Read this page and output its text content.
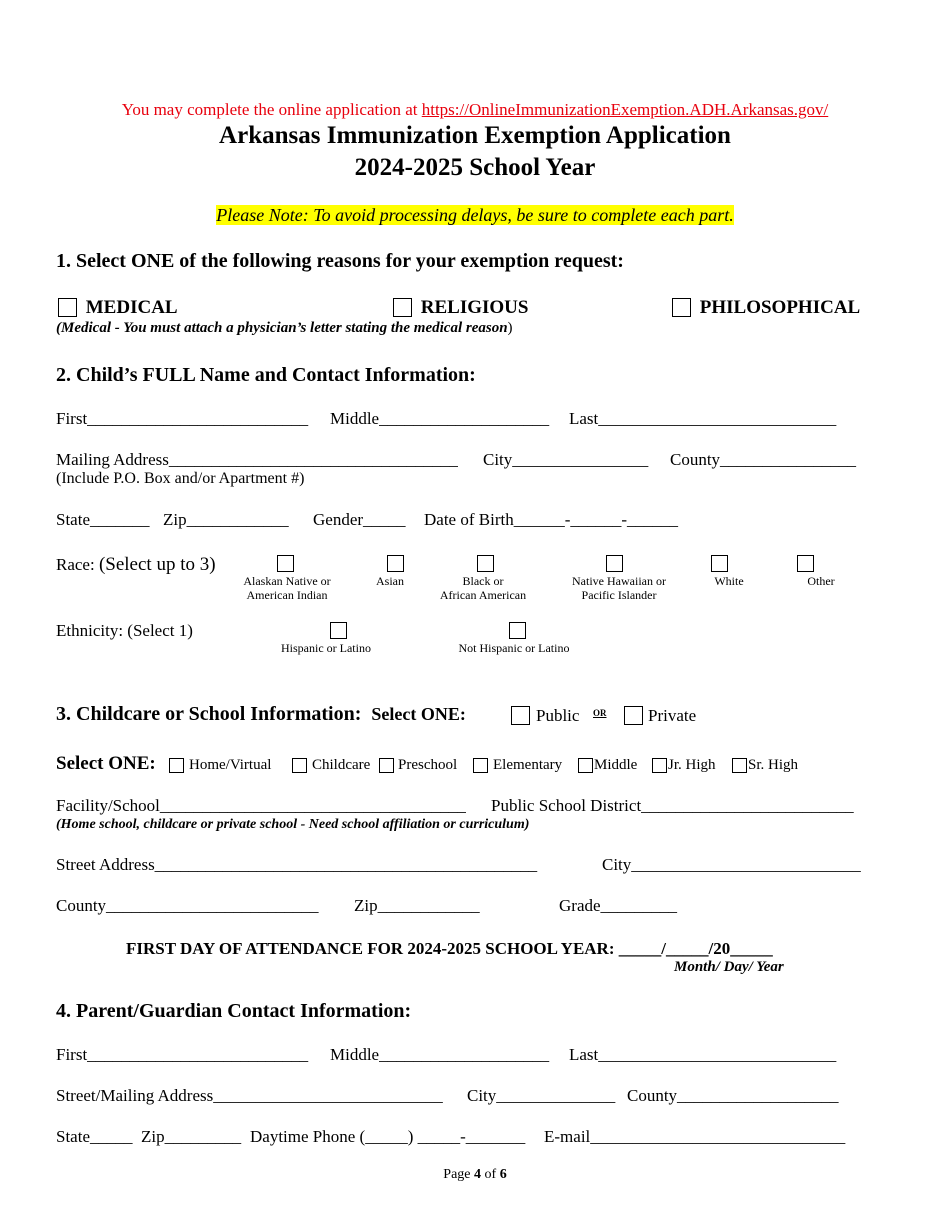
You may complete the online application at https://OnlineImmunizationExemption.ADH.Arkansas.gov/
Arkansas Immunization Exemption Application
2024-2025 School Year
Please Note: To avoid processing delays, be sure to complete each part.
1. Select ONE of the following reasons for your exemption request:
MEDICAL	RELIGIOUS	PHILOSOPHICAL
(Medical - You must attach a physician’s letter stating the medical reason)
2. Child’s FULL Name and Contact Information:
First__________________________ Middle____________________ Last____________________________
Mailing Address__________________________________ City________________ County________________
(Include P.O. Box and/or Apartment #)
State_______ Zip____________ Gender_____ Date of Birth______-______-______
Race: (Select up to 3)
Alaskan Native or
American Indian
Asian	Black or
African American
Native Hawaiian or
Pacific Islander
White	Other
Ethnicity: (Select 1)
Hispanic or Latino	Not Hispanic or Latino
3. Childcare or School Information: Select ONE:	Public OR Private
Select ONE: Home/Virtual	Childcare Preschool Elementary Middle Jr. High Sr. High
Facility/School____________________________________ Public School District_________________________
(Home school, childcare or private school - Need school affiliation or curriculum)
Street Address_____________________________________________	City___________________________
County_________________________ Zip____________	Grade_________
FIRST DAY OF ATTENDANCE FOR 2024-2025 SCHOOL YEAR: _____/_____/20_____
Month/ Day/ Year
4. Parent/Guardian Contact Information:
First__________________________ Middle____________________ Last____________________________
Street/Mailing Address___________________________ City______________ County___________________
State_____ Zip_________ Daytime Phone (_____) _____-_______ E-mail______________________________
Page 4 of 6
